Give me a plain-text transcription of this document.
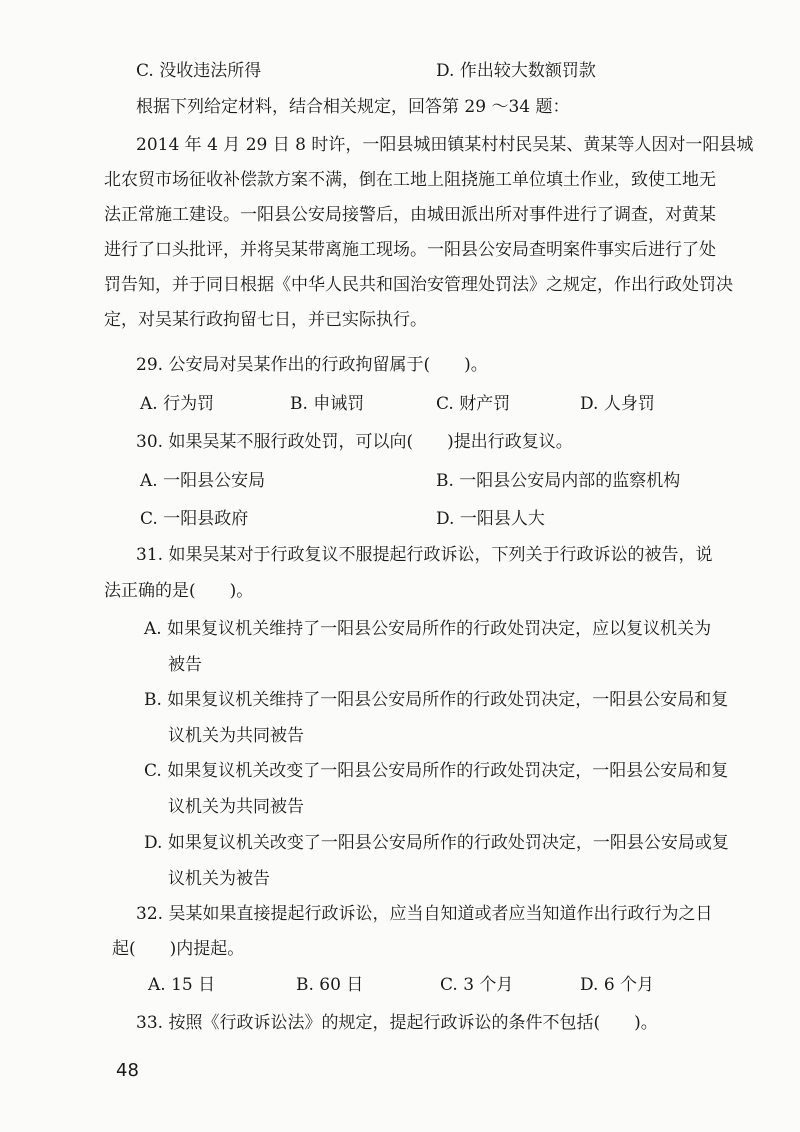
C. 没收违法所得	D. 作出较大数额罚款
根据下列给定材料，结合相关规定，回答第 29 ～34 题：
2014 年 4 月 29 日 8 时许，一阳县城田镇某村村民吴某、黄某等人因对一阳县城
北农贸市场征收补偿款方案不满，倒在工地上阻挠施工单位填土作业，致使工地无
法正常施工建设。一阳县公安局接警后，由城田派出所对事件进行了调查，对黄某
进行了口头批评，并将吴某带离施工现场。一阳县公安局查明案件事实后进行了处
罚告知，并于同日根据《中华人民共和国治安管理处罚法》之规定，作出行政处罚决
定，对吴某行政拘留七日，并已实际执行。
29. 公安局对吴某作出的行政拘留属于(　　)。
A. 行为罚	B. 申诫罚	C. 财产罚	D. 人身罚
30. 如果吴某不服行政处罚，可以向(　　)提出行政复议。
A. 一阳县公安局	B. 一阳县公安局内部的监察机构
C. 一阳县政府	D. 一阳县人大
31. 如果吴某对于行政复议不服提起行政诉讼，下列关于行政诉讼的被告，说
法正确的是(　　)。
A. 如果复议机关维持了一阳县公安局所作的行政处罚决定，应以复议机关为
被告
B. 如果复议机关维持了一阳县公安局所作的行政处罚决定，一阳县公安局和复
议机关为共同被告
C. 如果复议机关改变了一阳县公安局所作的行政处罚决定，一阳县公安局和复
议机关为共同被告
D. 如果复议机关改变了一阳县公安局所作的行政处罚决定，一阳县公安局或复
议机关为被告
32. 吴某如果直接提起行政诉讼，应当自知道或者应当知道作出行政行为之日
起(　　)内提起。
A. 15 日	B. 60 日	C. 3 个月	D. 6 个月
33. 按照《行政诉讼法》的规定，提起行政诉讼的条件不包括(　　)。
48
